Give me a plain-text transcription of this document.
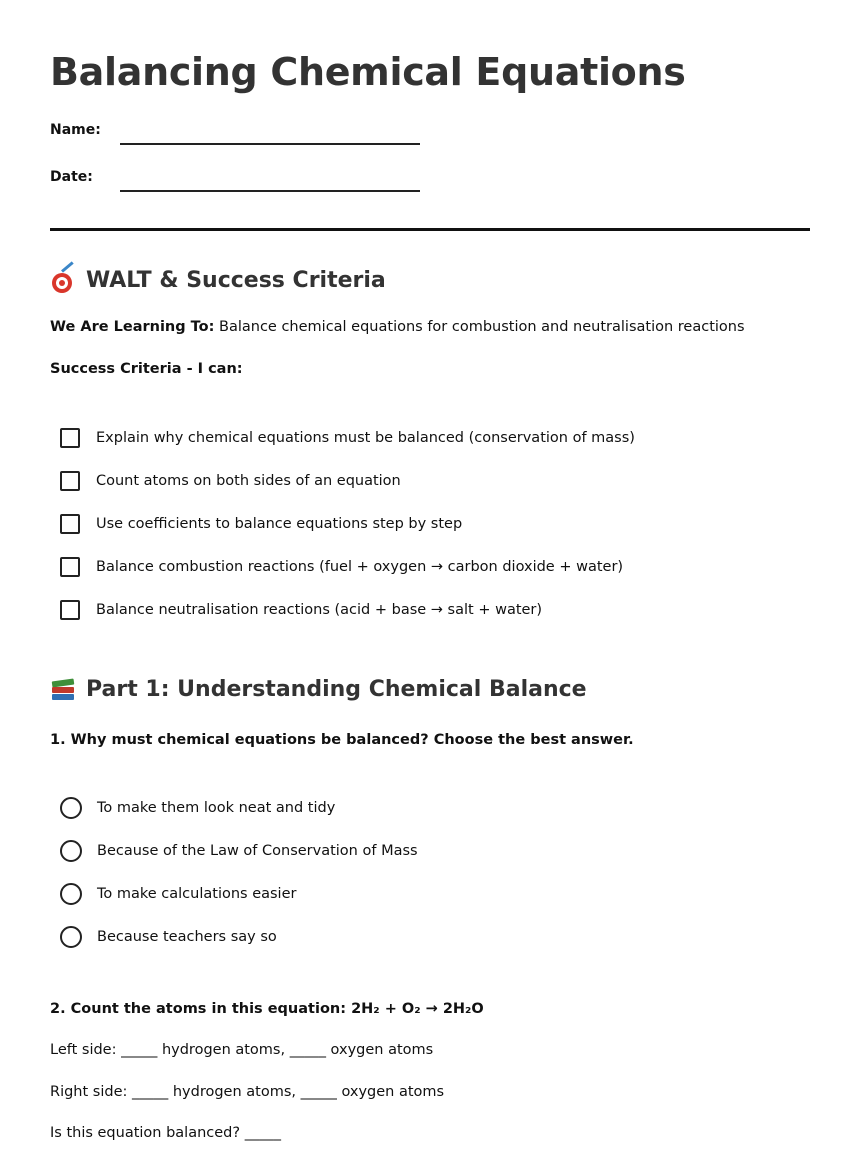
Balancing Chemical Equations
Name:
Date:
WALT & Success Criteria
We Are Learning To: Balance chemical equations for combustion and neutralisation reactions
Success Criteria - I can:
Explain why chemical equations must be balanced (conservation of mass)
Count atoms on both sides of an equation
Use coefficients to balance equations step by step
Balance combustion reactions (fuel + oxygen → carbon dioxide + water)
Balance neutralisation reactions (acid + base → salt + water)
Part 1: Understanding Chemical Balance
1. Why must chemical equations be balanced? Choose the best answer.
To make them look neat and tidy
Because of the Law of Conservation of Mass
To make calculations easier
Because teachers say so
2. Count the atoms in this equation: 2H₂ + O₂ → 2H₂O
Left side: _____ hydrogen atoms, _____ oxygen atoms
Right side: _____ hydrogen atoms, _____ oxygen atoms
Is this equation balanced? _____
